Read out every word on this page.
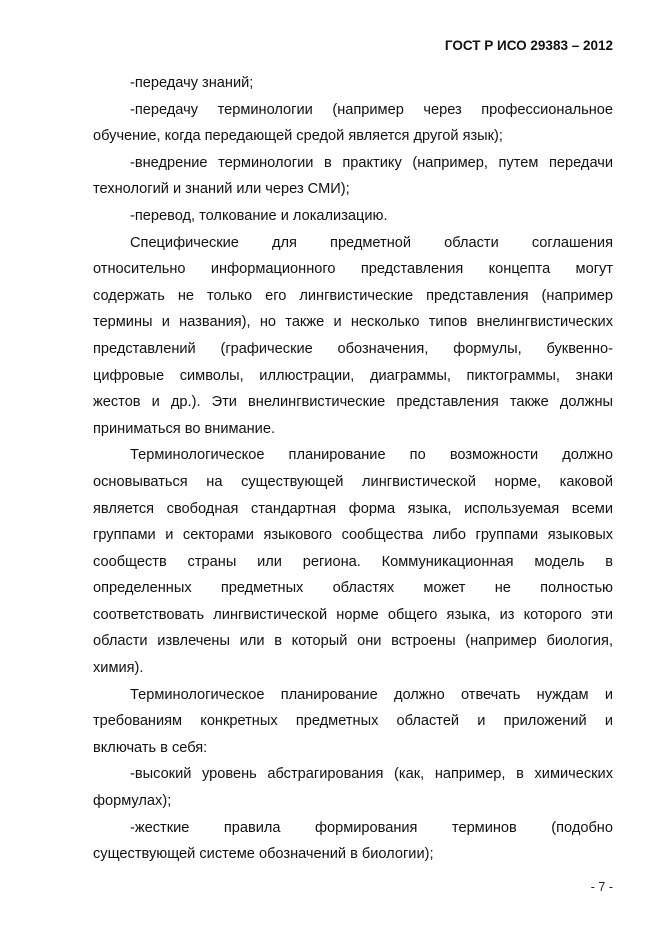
ГОСТ Р ИСО 29383 – 2012
-передачу знаний;
-передачу терминологии (например через профессиональное
обучение, когда передающей средой является другой язык);
-внедрение терминологии в практику (например, путем передачи
технологий и знаний или через СМИ);
-перевод, толкование и локализацию.
Специфические для предметной области соглашения
относительно информационного представления концепта могут
содержать не только его лингвистические представления (например
термины и названия), но также и несколько типов внелингвистических
представлений (графические обозначения, формулы, буквенно-
цифровые символы, иллюстрации, диаграммы, пиктограммы, знаки
жестов и др.). Эти внелингвистические представления также должны
приниматься во внимание.
Терминологическое планирование по возможности должно
основываться на существующей лингвистической норме, каковой
является свободная стандартная форма языка, используемая всеми
группами и секторами языкового сообщества либо группами языковых
сообществ страны или региона. Коммуникационная модель в
определенных предметных областях может не полностью
соответствовать лингвистической норме общего языка, из которого эти
области извлечены или в который они встроены (например биология,
химия).
Терминологическое планирование должно отвечать нуждам и
требованиям конкретных предметных областей и приложений и
включать в себя:
-высокий уровень абстрагирования (как, например, в химических
формулах);
-жесткие правила формирования терминов (подобно
существующей системе обозначений в биологии);
- 7 -
